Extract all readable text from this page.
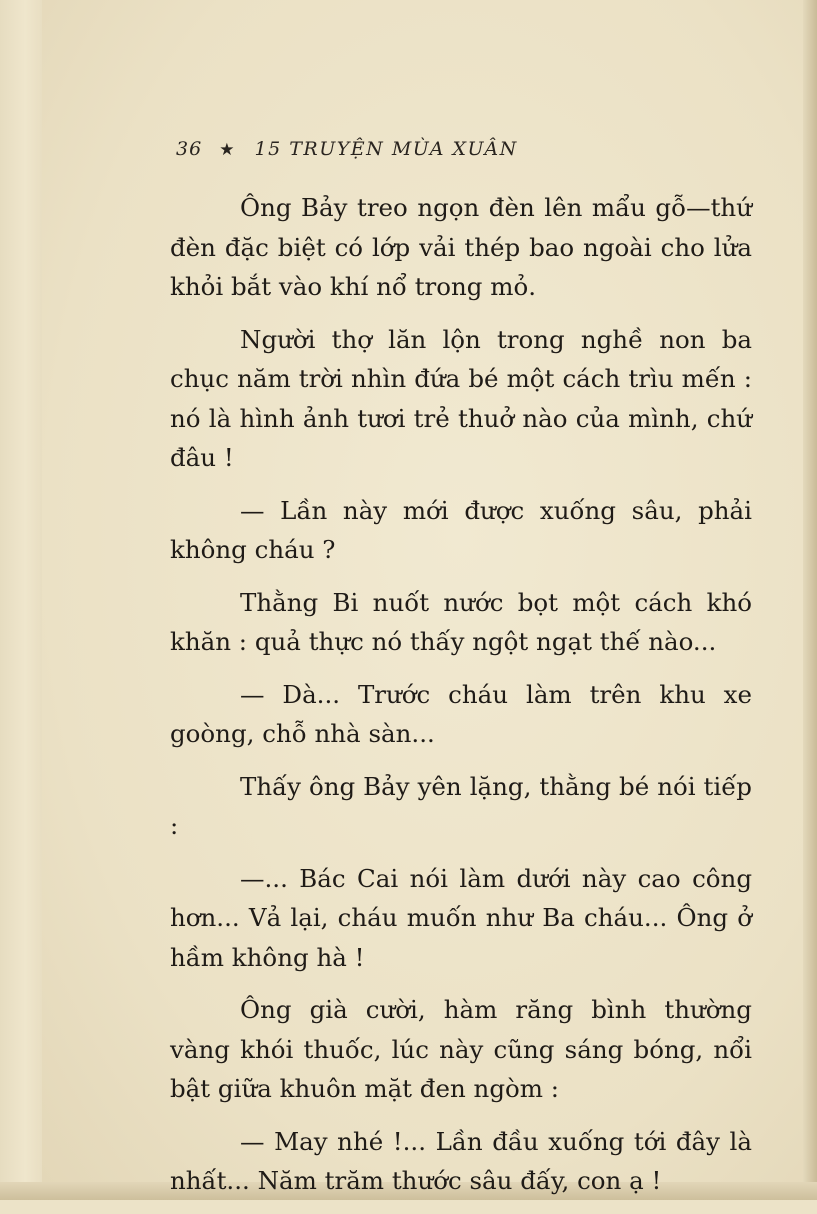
36 ★ 15 TRUYỆN MÙA XUÂN

Ông Bảy treo ngọn đèn lên mẩu gỗ—thứ đèn đặc biệt có lớp vải thép bao ngoài cho lửa khỏi bắt vào khí nổ trong mỏ.

Người thợ lăn lộn trong nghề non ba chục năm trời nhìn đứa bé một cách trìu mến : nó là hình ảnh tươi trẻ thuở nào của mình, chứ đâu !

— Lần này mới được xuống sâu, phải không cháu ?

Thằng Bi nuốt nước bọt một cách khó khăn : quả thực nó thấy ngột ngạt thế nào...

— Dà... Trước cháu làm trên khu xe goòng, chỗ nhà sàn...

Thấy ông Bảy yên lặng, thằng bé nói tiếp :

—... Bác Cai nói làm dưới này cao công hơn... Vả lại, cháu muốn như Ba cháu... Ông ở hầm không hà !

Ông già cười, hàm răng bình thường vàng khói thuốc, lúc này cũng sáng bóng, nổi bật giữa khuôn mặt đen ngòm :

— May nhé !... Lần đầu xuống tới đây là nhất... Năm trăm thước sâu đấy, con ạ !
